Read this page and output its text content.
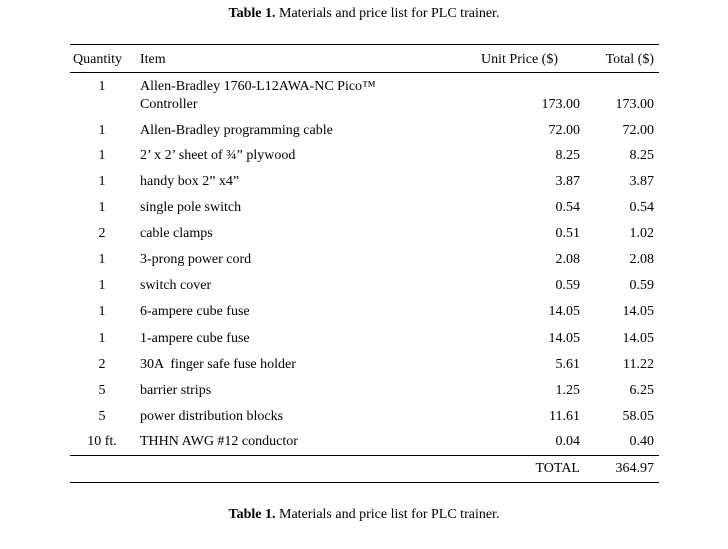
Table 1. Materials and price list for PLC trainer.
Quantity Item	Unit Price ($)	Total ($)
1	Allen-Bradley 1760-L12AWA-NC Pico™
Controller	173.00	173.00
1	Allen-Bradley programming cable	72.00	72.00
1	2’ x 2’ sheet of ¾” plywood	8.25	8.25
1	handy box 2” x4”	3.87	3.87
1	single pole switch	0.54	0.54
2	cable clamps	0.51	1.02
1	3-prong power cord	2.08	2.08
1	switch cover	0.59	0.59
1	6-ampere cube fuse	14.05	14.05
1	1-ampere cube fuse	14.05	14.05
2	30A  finger safe fuse holder	5.61	11.22
5	barrier strips	1.25	6.25
5	power distribution blocks	11.61	58.05
10 ft.	THHN AWG #12 conductor	0.04	0.40
TOTAL	364.97
Table 1. Materials and price list for PLC trainer.
